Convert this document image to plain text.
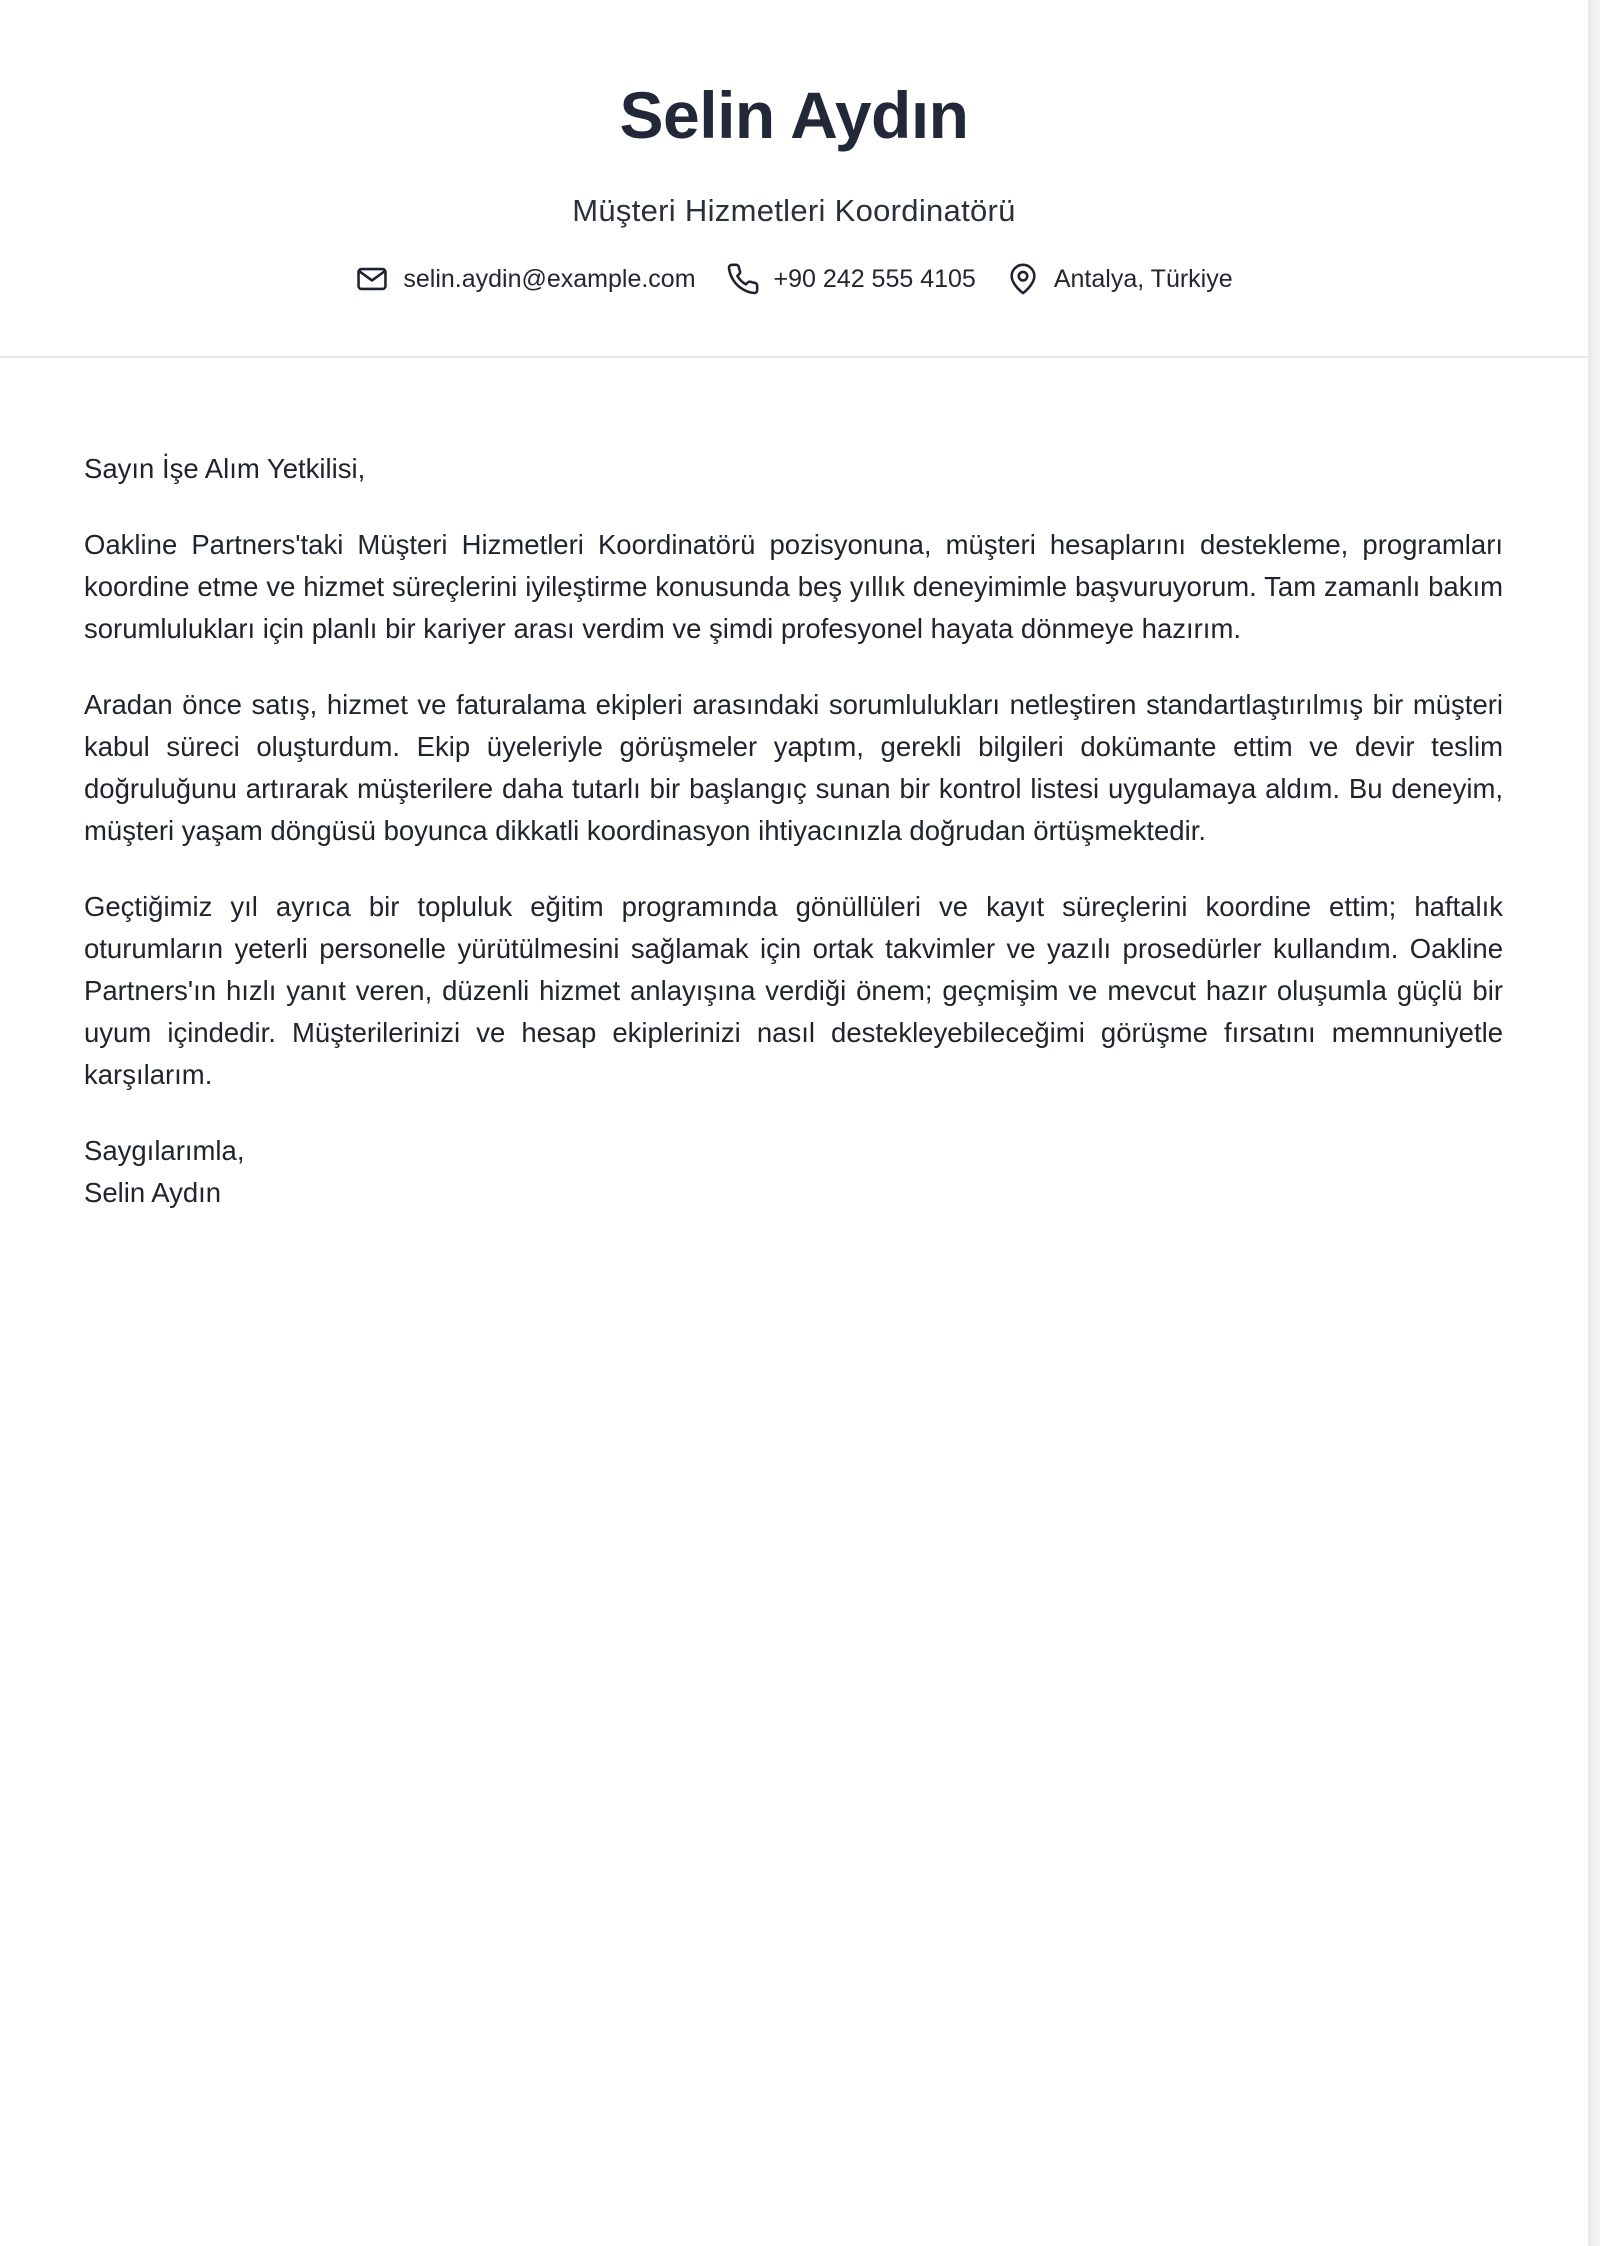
Selin Aydın
Müşteri Hizmetleri Koordinatörü
selin.aydin@example.com	+90 242 555 4105	Antalya, Türkiye

Sayın İşe Alım Yetkilisi,

Oakline Partners'taki Müşteri Hizmetleri Koordinatörü pozisyonuna, müşteri hesaplarını destekleme, programları koordine etme ve hizmet süreçlerini iyileştirme konusunda beş yıllık deneyimimle başvuruyorum. Tam zamanlı bakım sorumlulukları için planlı bir kariyer arası verdim ve şimdi profesyonel hayata dönmeye hazırım.

Aradan önce satış, hizmet ve faturalama ekipleri arasındaki sorumlulukları netleştiren standartlaştırılmış bir müşteri kabul süreci oluşturdum. Ekip üyeleriyle görüşmeler yaptım, gerekli bilgileri dokümante ettim ve devir teslim doğruluğunu artırarak müşterilere daha tutarlı bir başlangıç sunan bir kontrol listesi uygulamaya aldım. Bu deneyim, müşteri yaşam döngüsü boyunca dikkatli koordinasyon ihtiyacınızla doğrudan örtüşmektedir.

Geçtiğimiz yıl ayrıca bir topluluk eğitim programında gönüllüleri ve kayıt süreçlerini koordine ettim; haftalık oturumların yeterli personelle yürütülmesini sağlamak için ortak takvimler ve yazılı prosedürler kullandım. Oakline Partners'ın hızlı yanıt veren, düzenli hizmet anlayışına verdiği önem; geçmişim ve mevcut hazır oluşumla güçlü bir uyum içindedir. Müşterilerinizi ve hesap ekiplerinizi nasıl destekleyebileceğimi görüşme fırsatını memnuniyetle karşılarım.

Saygılarımla,
Selin Aydın
